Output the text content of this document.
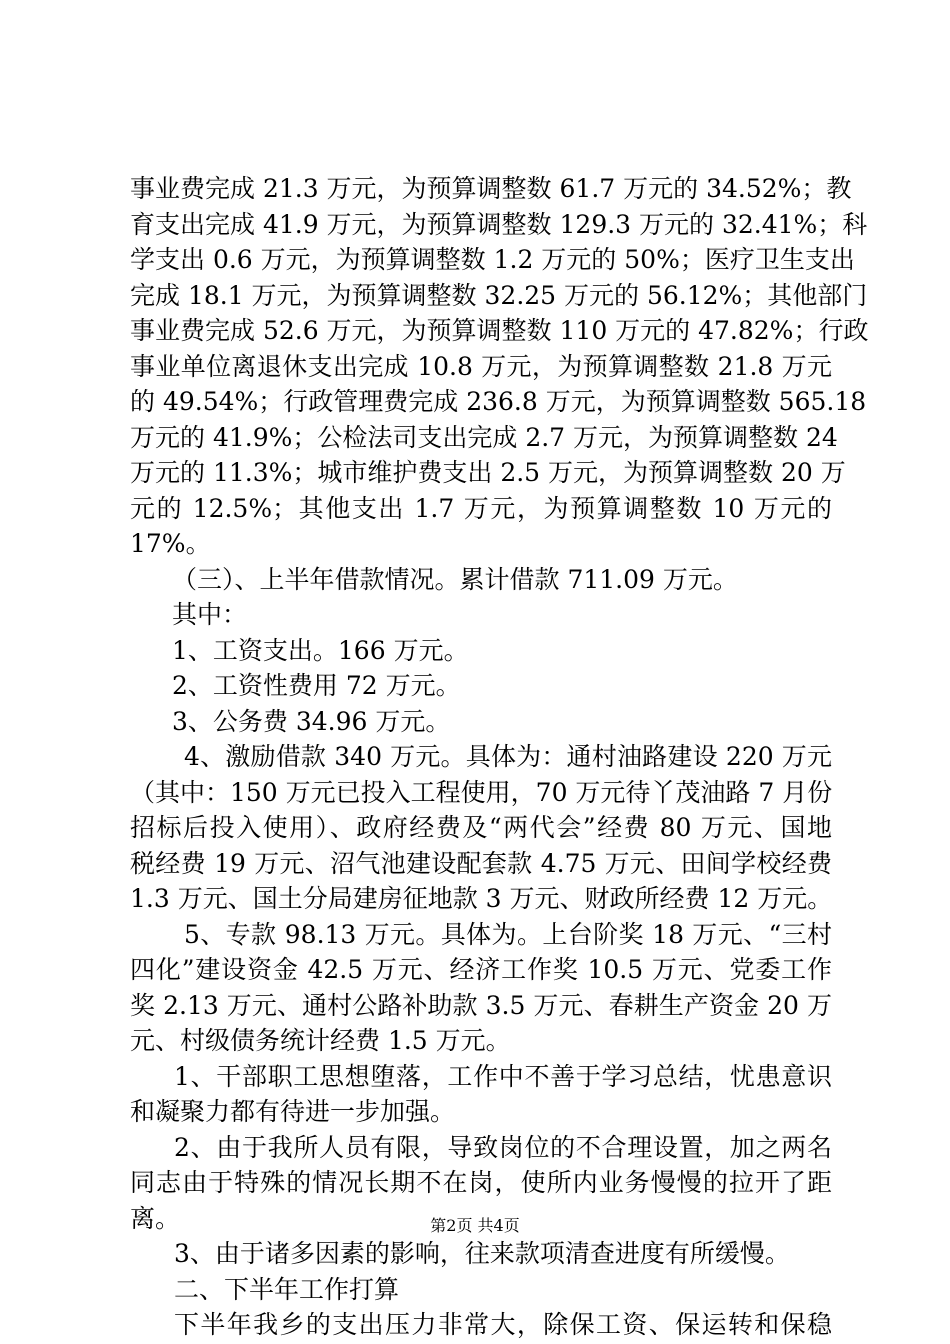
事业费完成 21.3 万元，为预算调整数 61.7 万元的 34.52%；教
育支出完成 41.9 万元，为预算调整数 129.3 万元的 32.41%；科
学支出 0.6 万元，为预算调整数 1.2 万元的 50%；医疗卫生支出
完成 18.1 万元，为预算调整数 32.25 万元的 56.12%；其他部门
事业费完成 52.6 万元，为预算调整数 110 万元的 47.82%；行政
事业单位离退休支出完成 10.8 万元，为预算调整数 21.8 万元
的 49.54%；行政管理费完成 236.8 万元，为预算调整数 565.18
万元的 41.9%；公检法司支出完成 2.7 万元，为预算调整数 24
万元的 11.3%；城市维护费支出 2.5 万元，为预算调整数 20 万
元的 12.5%；其他支出 1.7 万元，为预算调整数 10 万元的
17%。
（三）、上半年借款情况。累计借款 711.09 万元。
其中：
1、工资支出。166 万元。
2、工资性费用 72 万元。
3、公务费 34.96 万元。
4、激励借款 340 万元。具体为：通村油路建设 220 万元
（其中：150 万元已投入工程使用，70 万元待丫茂油路 7 月份
招标后投入使用）、政府经费及“两代会”经费 80 万元、国地
税经费 19 万元、沼气池建设配套款 4.75 万元、田间学校经费
1.3 万元、国土分局建房征地款 3 万元、财政所经费 12 万元。
5、专款 98.13 万元。具体为。上台阶奖 18 万元、“三村
四化”建设资金 42.5 万元、经济工作奖 10.5 万元、党委工作
奖 2.13 万元、通村公路补助款 3.5 万元、春耕生产资金 20 万
元、村级债务统计经费 1.5 万元。
1、干部职工思想堕落，工作中不善于学习总结，忧患意识
和凝聚力都有待进一步加强。
2、由于我所人员有限，导致岗位的不合理设置，加之两名
同志由于特殊的情况长期不在岗，使所内业务慢慢的拉开了距
离。
3、由于诸多因素的影响，往来款项清查进度有所缓慢。
二、下半年工作打算
下半年我乡的支出压力非常大，除保工资、保运转和保稳
第2页 共4页
